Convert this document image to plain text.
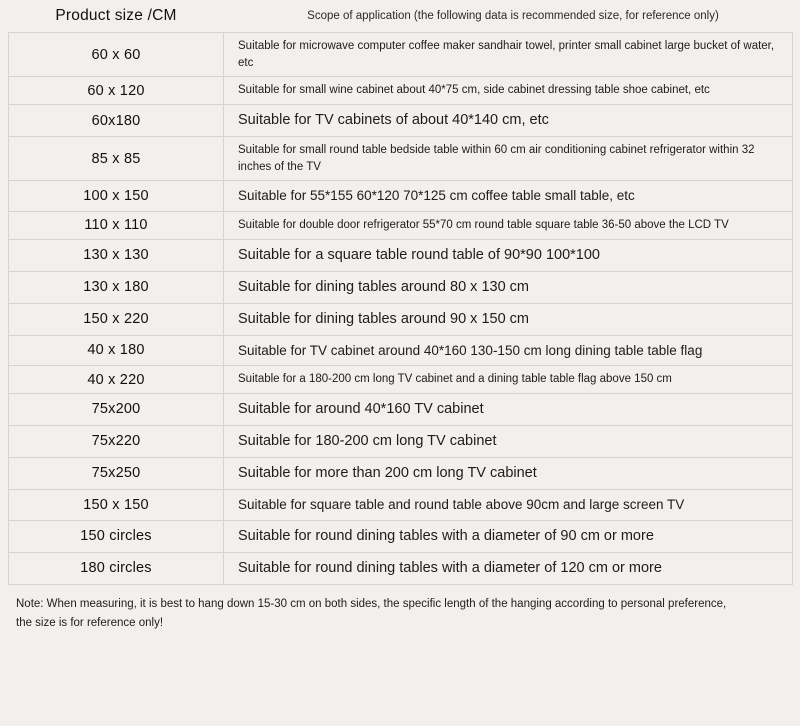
Product size /CM	Scope of application (the following data is recommended size, for reference only)
60 x 60	Suitable for microwave computer coffee maker sandhair towel, printer small cabinet large bucket of water, etc
60 x 120	Suitable for small wine cabinet about 40*75 cm, side cabinet dressing table shoe cabinet, etc
60x180	Suitable for TV cabinets of about 40*140 cm, etc
85 x 85	Suitable for small round table bedside table within 60 cm air conditioning cabinet refrigerator within 32 inches of the TV
100 x 150	Suitable for 55*155 60*120 70*125 cm coffee table small table, etc
110 x 110	Suitable for double door refrigerator 55*70 cm round table square table 36-50 above the LCD TV
130 x 130	Suitable for a square table round table of 90*90 100*100
130 x 180	Suitable for dining tables around 80 x 130 cm
150 x 220	Suitable for dining tables around 90 x 150 cm
40 x 180	Suitable for TV cabinet around 40*160 130-150 cm long dining table table flag
40 x 220	Suitable for a 180-200 cm long TV cabinet and a dining table table flag above 150 cm
75x200	Suitable for around 40*160 TV cabinet
75x220	Suitable for 180-200 cm long TV cabinet
75x250	Suitable for more than 200 cm long TV cabinet
150 x 150	Suitable for square table and round table above 90cm and large screen TV
150 circles	Suitable for round dining tables with a diameter of 90 cm or more
180 circles	Suitable for round dining tables with a diameter of 120 cm or more
Note: When measuring, it is best to hang down 15-30 cm on both sides, the specific length of the hanging according to personal preference,
the size is for reference only!
